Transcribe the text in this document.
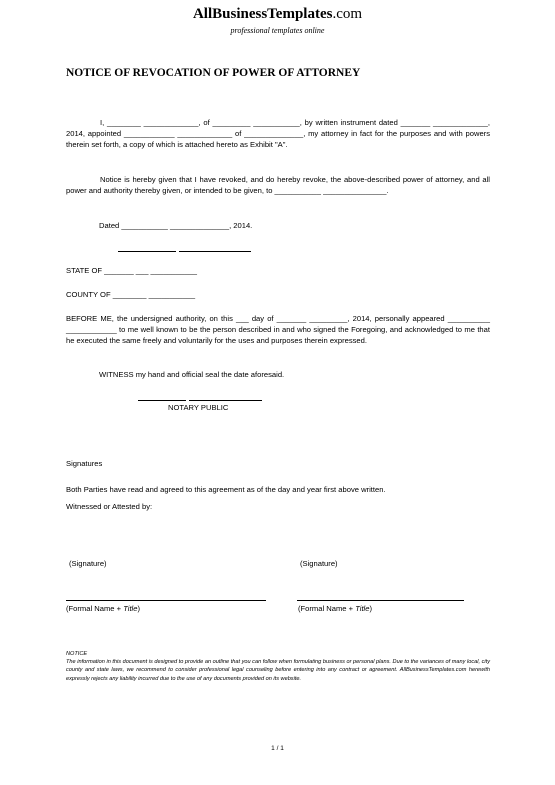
AllBusinessTemplates.com
professional templates online
NOTICE OF REVOCATION OF POWER OF ATTORNEY
I, ________ _____________, of _________ ___________, by written instrument dated _______ _____________, 2014, appointed ____________ _____________ of ______________, my attorney in fact for the purposes and with powers therein set forth, a copy of which is attached hereto as Exhibit "A".
Notice is hereby given that I have revoked, and do hereby revoke, the above-described power of attorney, and all power and authority thereby given, or intended to be given, to ___________ _______________.
Dated ___________ ______________, 2014.
STATE OF _______ ___ ___________
COUNTY OF ________ ___________
BEFORE ME, the undersigned authority, on this ___ day of _______ _________, 2014, personally appeared __________ ____________ to me well known to be the person described in and who signed the Foregoing, and acknowledged to me that he executed the same freely and voluntarily for the uses and purposes therein expressed.
WITNESS my hand and official seal the date aforesaid.
NOTARY PUBLIC
Signatures
Both Parties have read and agreed to this agreement as of the day and year first above written.
Witnessed or Attested by:
(Signature)	(Signature)
(Formal Name + Title)	(Formal Name + Title)
NOTICE
The information in this document is designed to provide an outline that you can follow when formulating business or personal plans. Due to the variances of many local, city county and state laws, we recommend to consider professional legal counseling before entering into any contract or agreement. AllBusinessTemplates.com herewith expressly rejects any liability incurred due to the use of any documents provided on its website.
1 / 1
